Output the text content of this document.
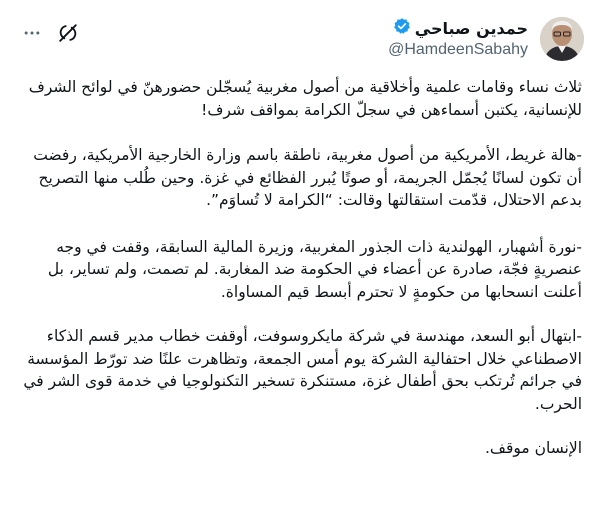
حمدين صباحي
@HamdeenSabahy

ثلاث نساء وقامات علمية وأخلاقية من أصول مغربية يُسجّلن حضورهنّ في لوائح الشرف للإنسانية، يكتبن أسماءهن في سجلّ الكرامة بمواقف شرف!

-هالة غريط، الأمريكية من أصول مغربية، ناطقة باسم وزارة الخارجية الأمريكية، رفضت أن تكون لسانًا يُجمّل الجريمة، أو صوتًا يُبرر الفظائع في غزة. وحين طُلب منها التصريح بدعم الاحتلال، قدّمت استقالتها وقالت: “الكرامة لا تُساوَم”.

-نورة أشهبار، الهولندية ذات الجذور المغربية، وزيرة المالية السابقة، وقفت في وجه عنصريةٍ فجّة، صادرة عن أعضاء في الحكومة ضد المغاربة. لم تصمت، ولم تساير، بل أعلنت انسحابها من حكومةٍ لا تحترم أبسط قيم المساواة.

-ابتهال أبو السعد، مهندسة في شركة مايكروسوفت، أوقفت خطاب مدير قسم الذكاء الاصطناعي خلال احتفالية الشركة يوم أمس الجمعة، وتظاهرت علنًا ضد تورّط المؤسسة في جرائم تُرتكب بحق أطفال غزة، مستنكرة تسخير التكنولوجيا في خدمة قوى الشر في الحرب.

الإنسان موقف.
